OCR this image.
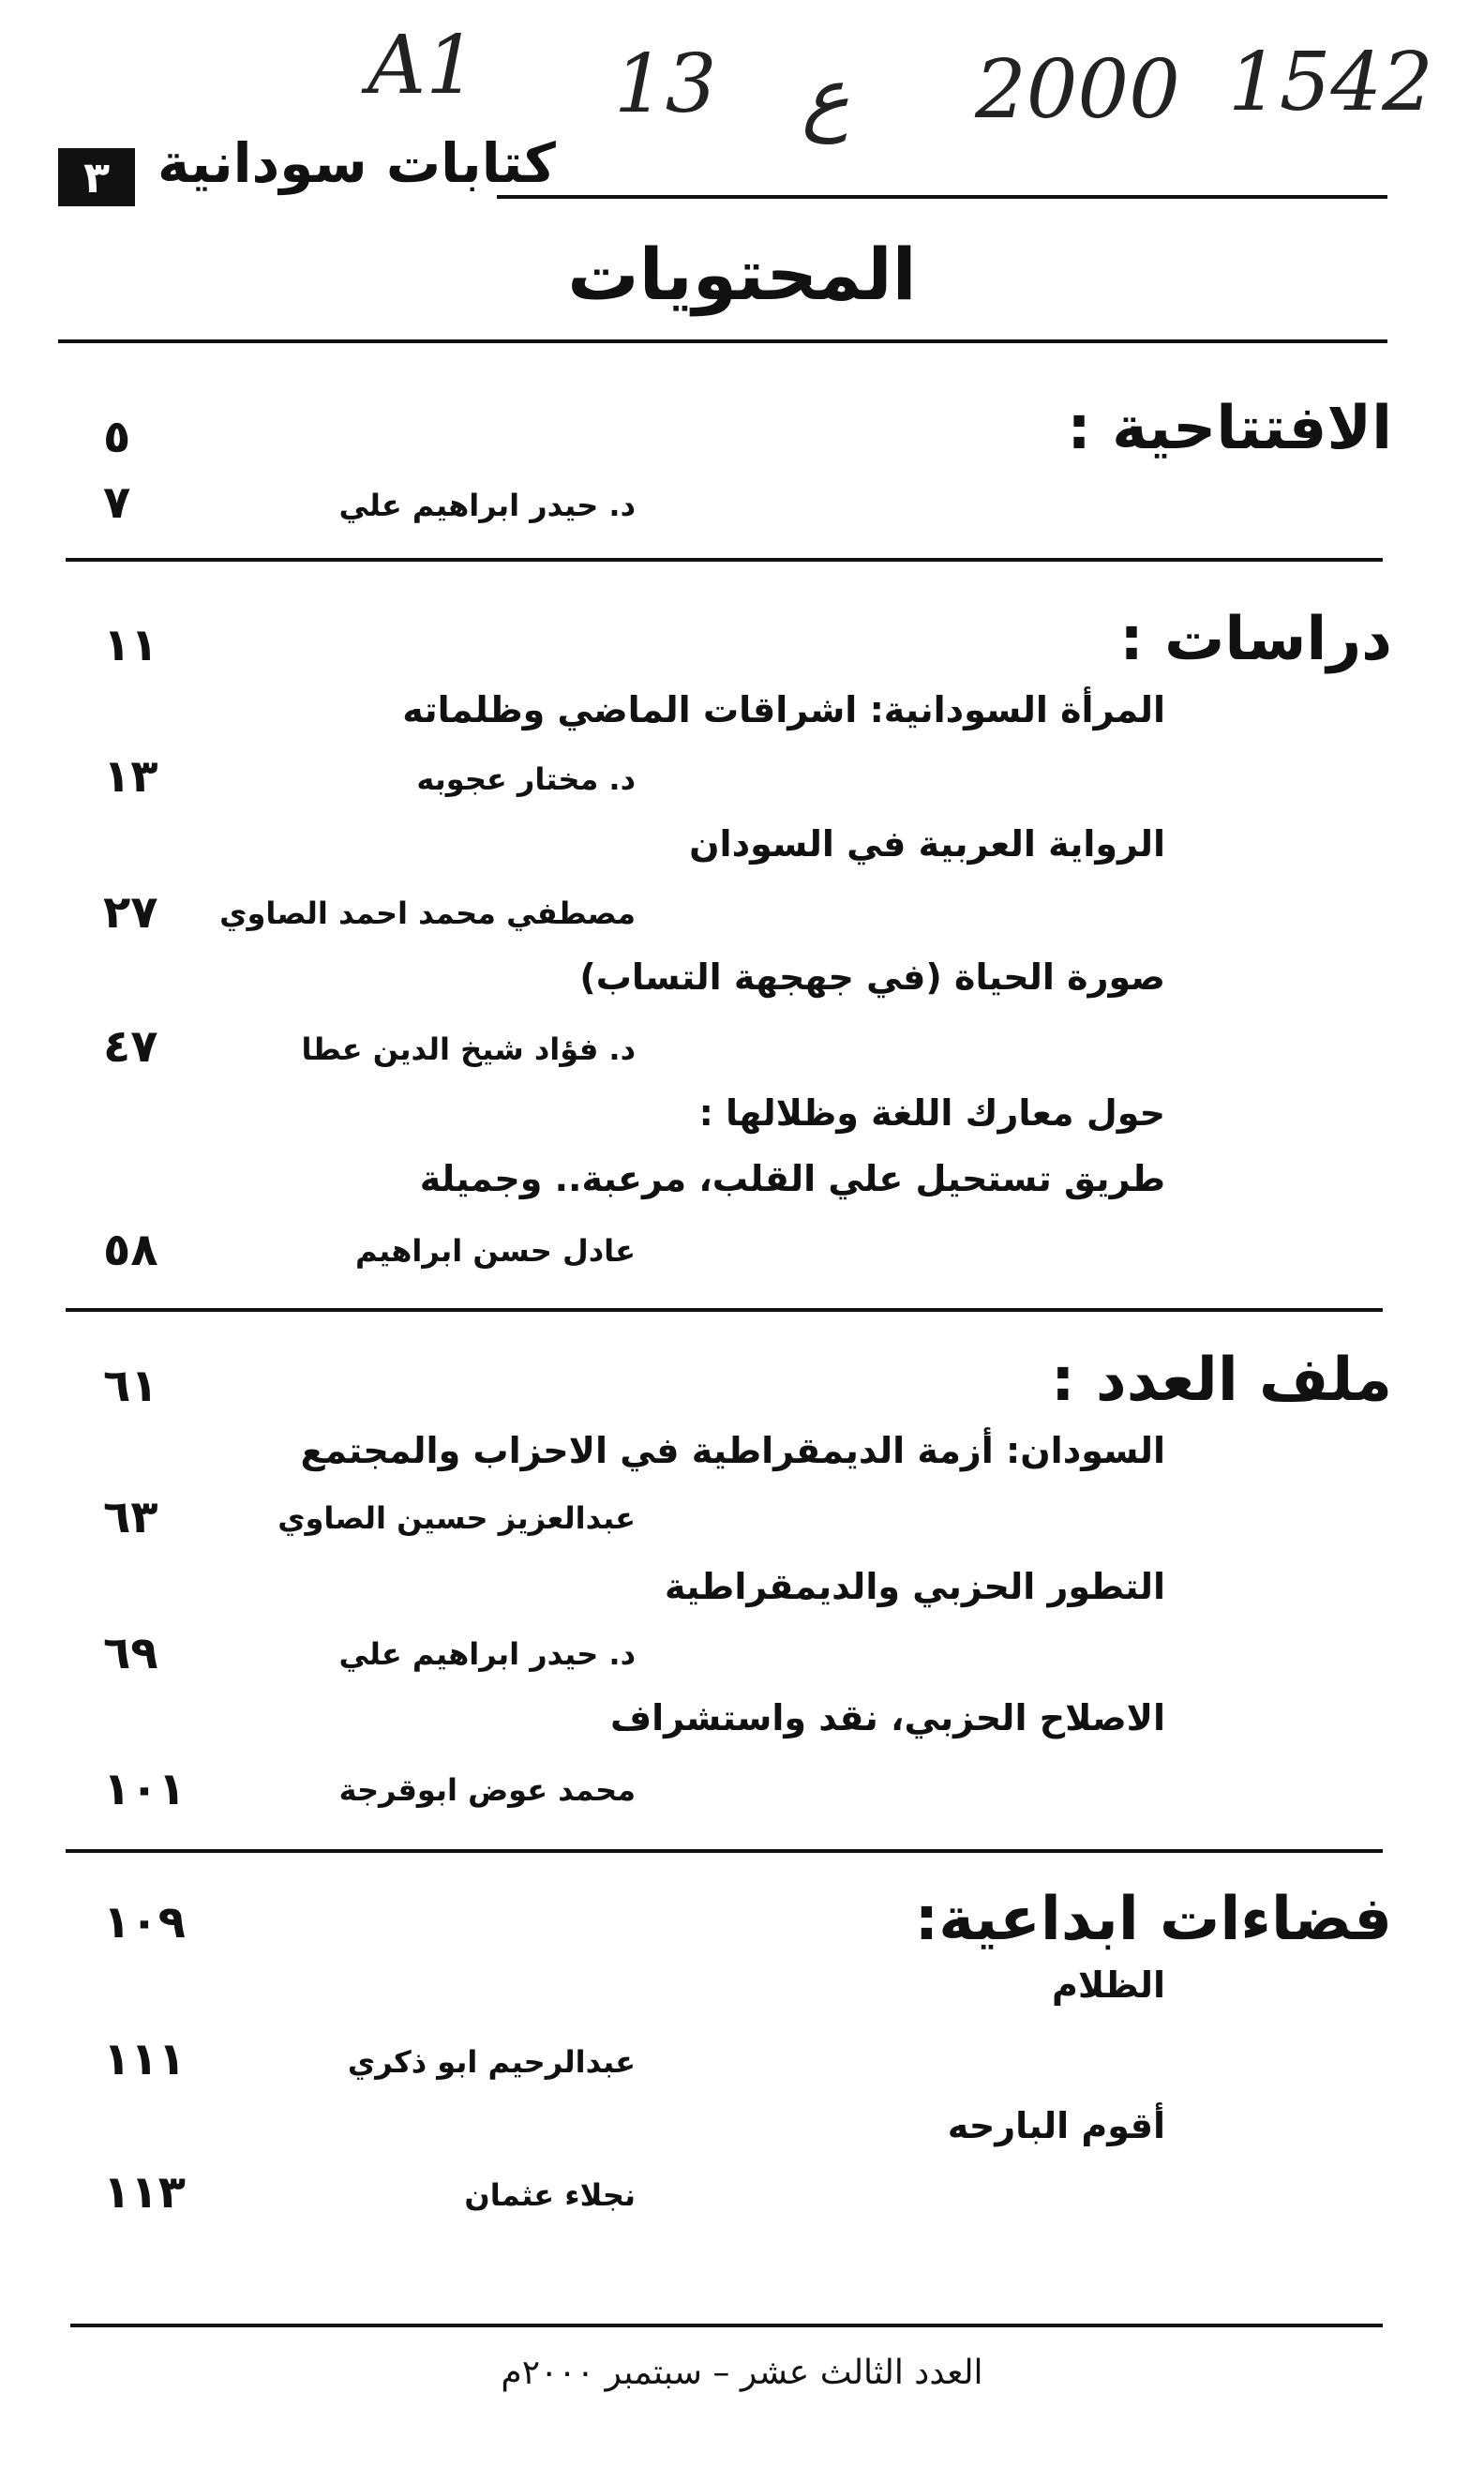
A1 13 ع 2000 1542
٣ كتابات سودانية
المحتويات
الافتتاحية :
٥
د. حيدر ابراهيم علي
٧
دراسات :
١١
المرأة السودانية: اشراقات الماضي وظلماته
د. مختار عجوبه
١٣
الرواية العربية في السودان
مصطفي محمد احمد الصاوي
٢٧
صورة الحياة (في جهجهة التساب)
د. فؤاد شيخ الدين عطا
٤٧
حول معارك اللغة وظلالها :
طريق تستحيل علي القلب، مرعبة.. وجميلة
عادل حسن ابراهيم
٥٨
ملف العدد :
٦١
السودان: أزمة الديمقراطية في الاحزاب والمجتمع
عبدالعزيز حسين الصاوي
٦٣
التطور الحزبي والديمقراطية
د. حيدر ابراهيم علي
٦٩
الاصلاح الحزبي، نقد واستشراف
محمد عوض ابوقرجة
١٠١
فضاءات ابداعية:
١٠٩
الظلام
عبدالرحيم ابو ذكري
١١١
أقوم البارحه
نجلاء عثمان
١١٣
العدد الثالث عشر – سبتمبر ٢٠٠٠م
